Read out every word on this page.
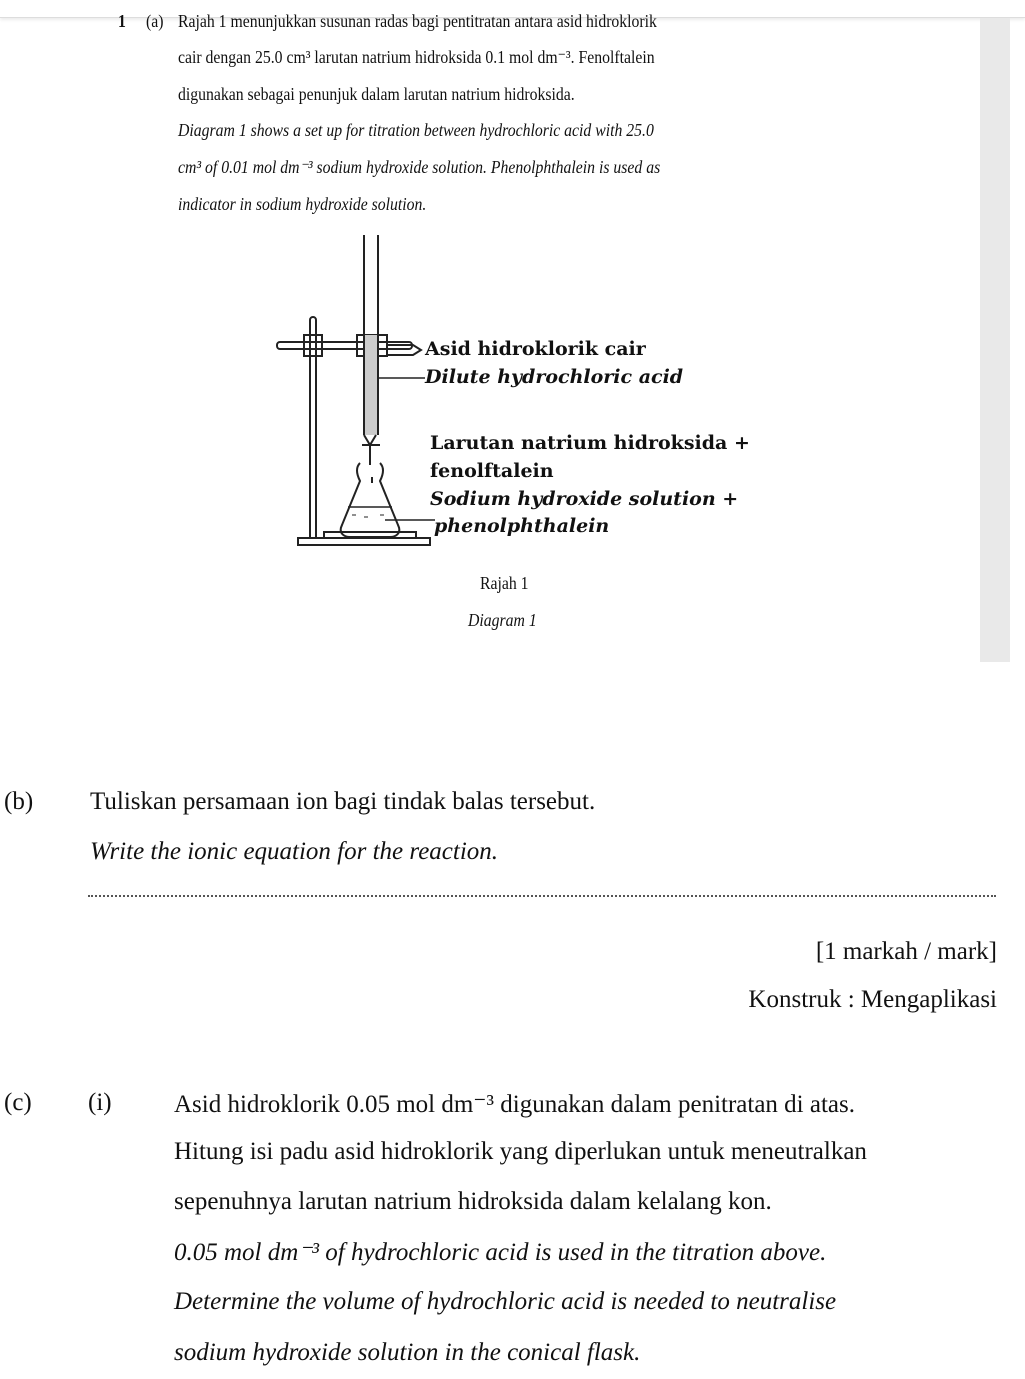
1 (a) Rajah 1 menunjukkan susunan radas bagi pentitratan antara asid hidroklorik
cair dengan 25.0 cm³ larutan natrium hidroksida 0.1 mol dm⁻³. Fenolftalein
digunakan sebagai penunjuk dalam larutan natrium hidroksida.
Diagram 1 shows a set up for titration between hydrochloric acid with 25.0
cm³ of 0.01 mol dm⁻³ sodium hydroxide solution. Phenolphthalein is used as
indicator in sodium hydroxide solution.
Asid hidroklorik cair
Dilute hydrochloric acid
Larutan natrium hidroksida +
fenolftalein
Sodium hydroxide solution +
phenolphthalein
Rajah 1
Diagram 1
(b) Tuliskan persamaan ion bagi tindak balas tersebut.
Write the ionic equation for the reaction.
[1 markah / mark]
Konstruk : Mengaplikasi
(c) (i) Asid hidroklorik 0.05 mol dm⁻³ digunakan dalam penitratan di atas.
Hitung isi padu asid hidroklorik yang diperlukan untuk meneutralkan
sepenuhnya larutan natrium hidroksida dalam kelalang kon.
0.05 mol dm⁻³ of hydrochloric acid is used in the titration above.
Determine the volume of hydrochloric acid is needed to neutralise
sodium hydroxide solution in the conical flask.
